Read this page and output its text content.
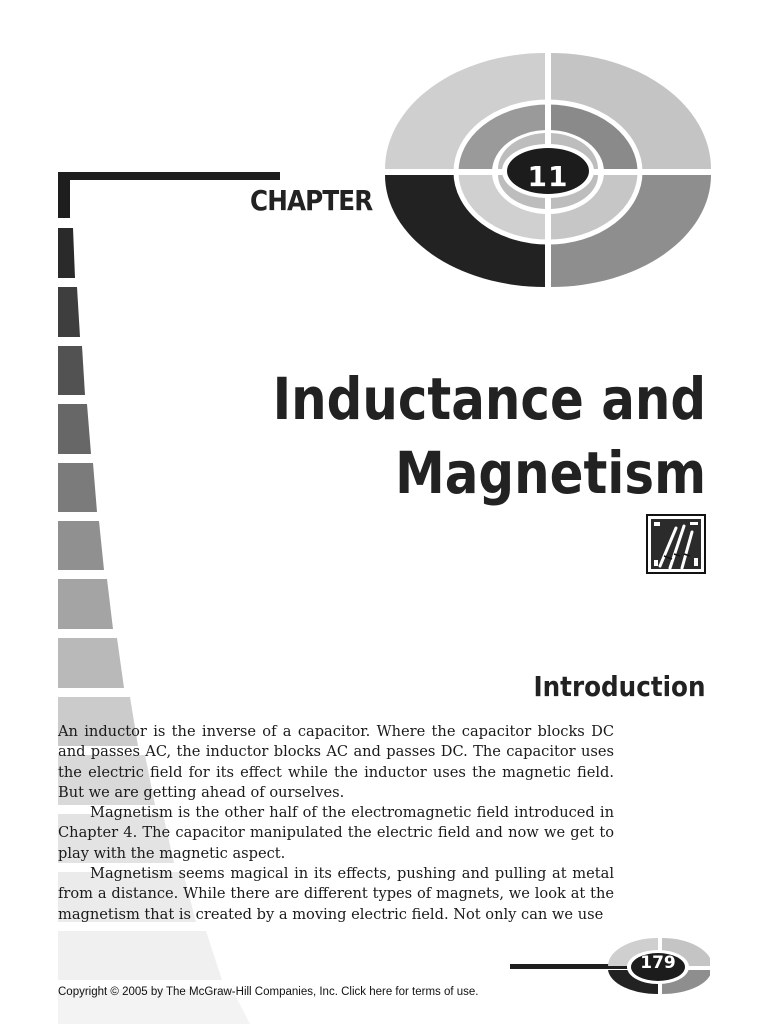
CHAPTER
11
Inductance and
Magnetism
Introduction

An inductor is the inverse of a capacitor. Where the capacitor blocks DC and passes AC, the inductor blocks AC and passes DC. The capacitor uses the electric field for its effect while the inductor uses the magnetic field. But we are getting ahead of ourselves.

Magnetism is the other half of the electromagnetic field introduced in Chapter 4. The capacitor manipulated the electric field and now we get to play with the magnetic aspect.

Magnetism seems magical in its effects, pushing and pulling at metal from a distance. While there are different types of magnets, we look at the magnetism that is created by a moving electric field. Not only can we use

179
Copyright © 2005 by The McGraw-Hill Companies, Inc. Click here for terms of use.
